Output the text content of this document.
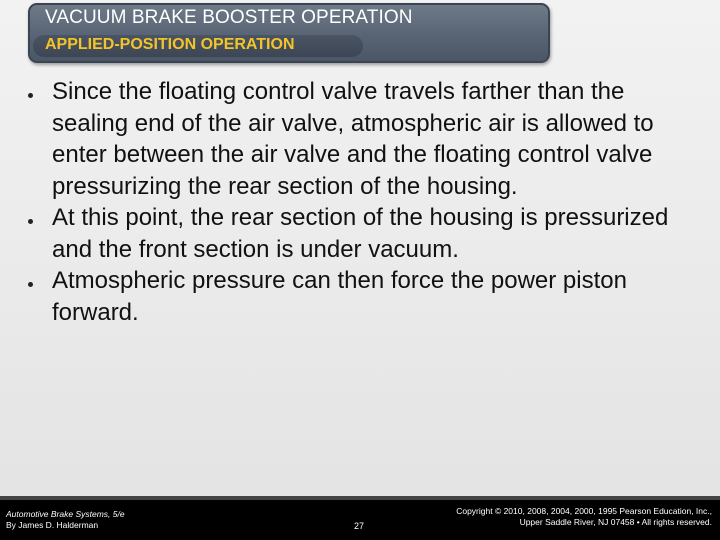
VACUUM BRAKE BOOSTER OPERATION
APPLIED-POSITION OPERATION
Since the floating control valve travels farther than the sealing end of the air valve, atmospheric air is allowed to enter between the air valve and the floating control valve pressurizing the rear section of the housing.
At this point, the rear section of the housing is pressurized and the front section is under vacuum.
Atmospheric pressure can then force the power piston forward.
Automotive Brake Systems, 5/e
By James D. Halderman	27
Copyright © 2010, 2008, 2004, 2000, 1995 Pearson Education, Inc.,
Upper Saddle River, NJ 07458 • All rights reserved.
